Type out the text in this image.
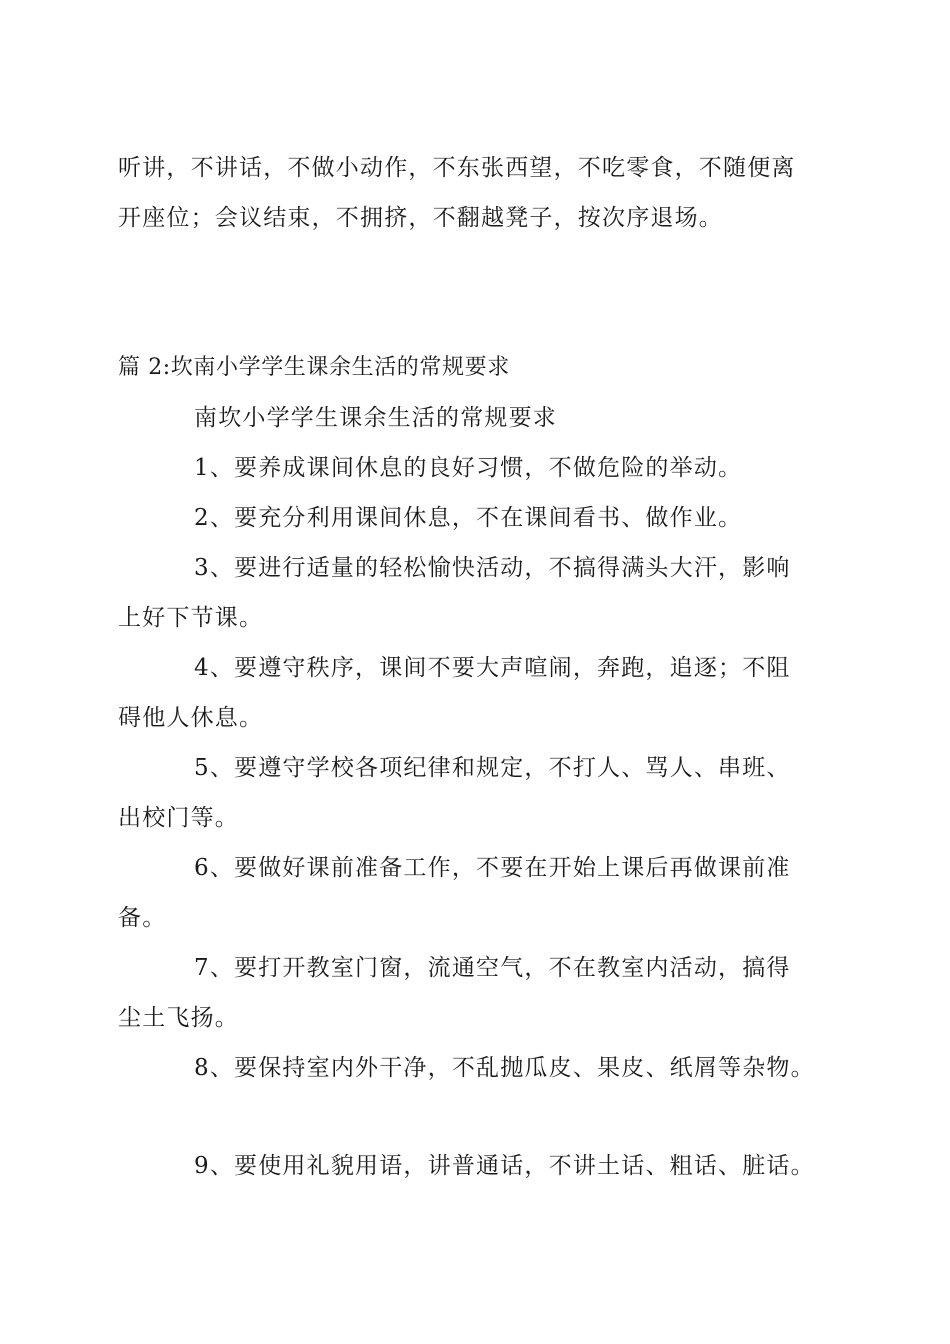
听讲，不讲话，不做小动作，不东张西望，不吃零食，不随便离
开座位；会议结束，不拥挤，不翻越凳子，按次序退场。
篇 2:坎南小学学生课余生活的常规要求
南坎小学学生课余生活的常规要求
1、要养成课间休息的良好习惯，不做危险的举动。
2、要充分利用课间休息，不在课间看书、做作业。
3、要进行适量的轻松愉快活动，不搞得满头大汗，影响
上好下节课。
4、要遵守秩序，课间不要大声喧闹，奔跑，追逐；不阻
碍他人休息。
5、要遵守学校各项纪律和规定，不打人、骂人、串班、
出校门等。
6、要做好课前准备工作，不要在开始上课后再做课前准
备。
7、要打开教室门窗，流通空气，不在教室内活动，搞得
尘土飞扬。
8、要保持室内外干净，不乱抛瓜皮、果皮、纸屑等杂物。
9、要使用礼貌用语，讲普通话，不讲土话、粗话、脏话。
